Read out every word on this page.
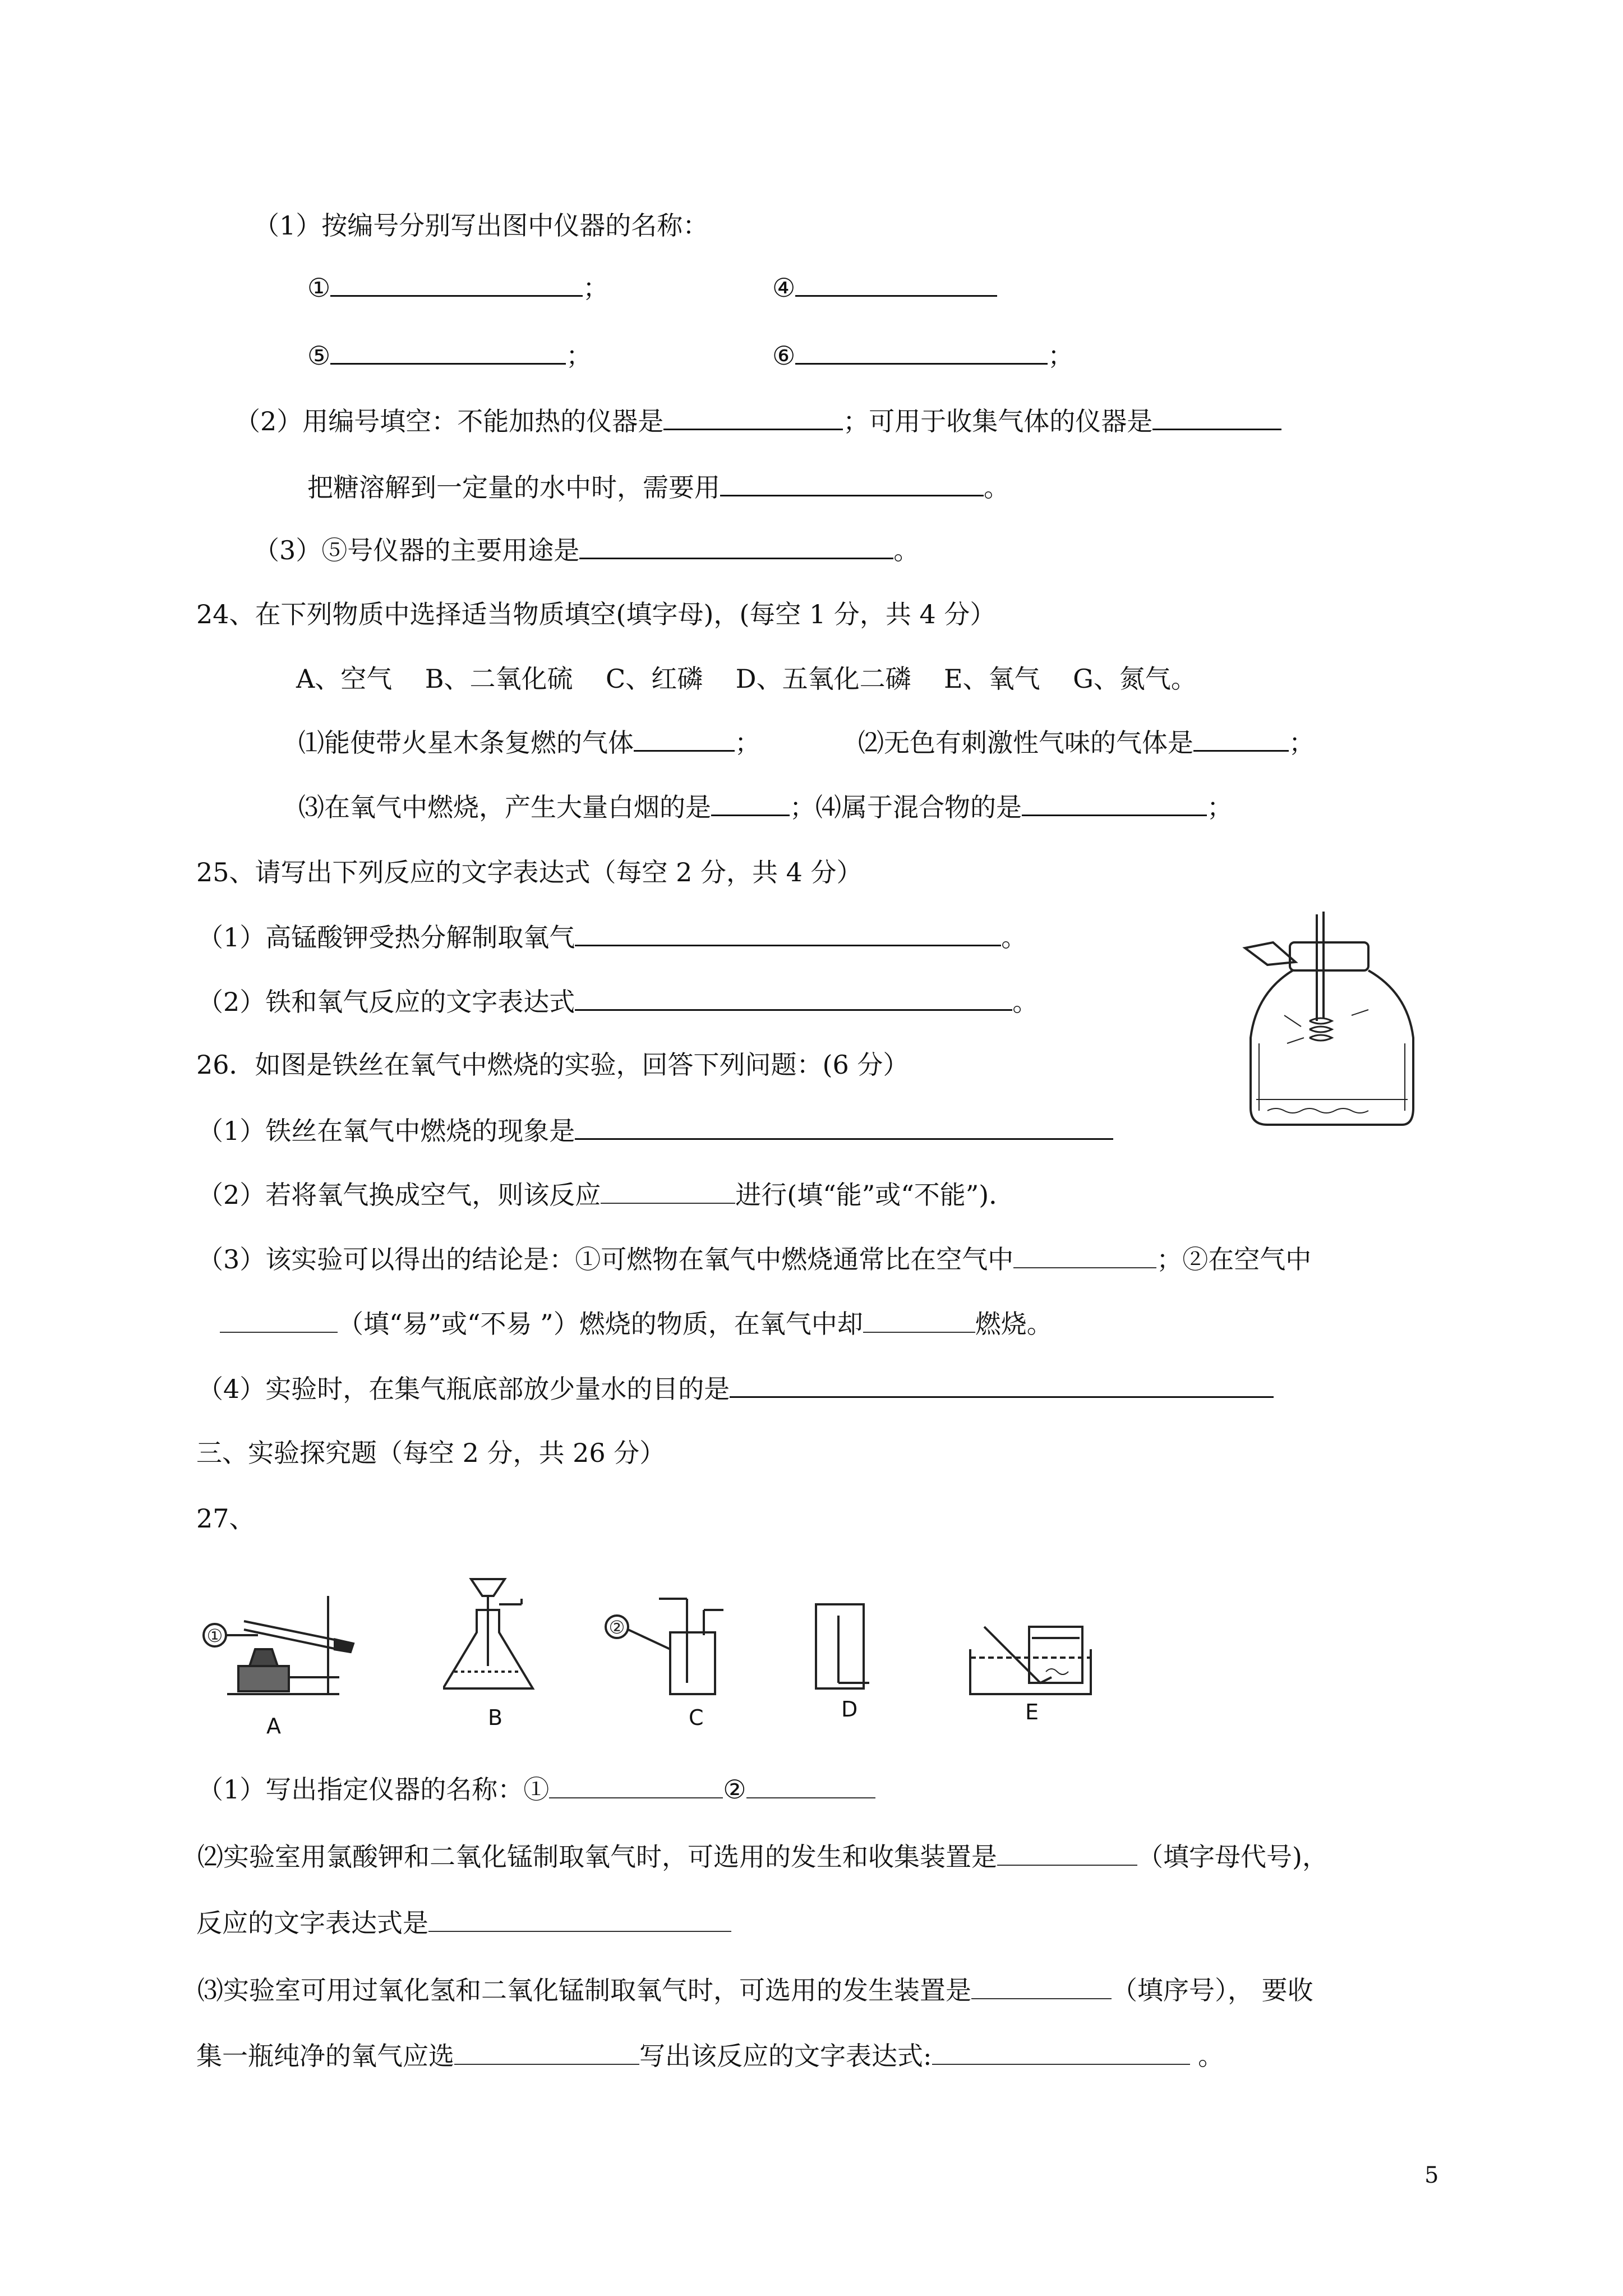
（1）按编号分别写出图中仪器的名称：
①	；	④
⑤	；	⑥	；
（2）用编号填空：不能加热的仪器是	；可用于收集气体的仪器是
把糖溶解到一定量的水中时，需要用	。
（3）⑤号仪器的主要用途是	。
24、在下列物质中选择适当物质填空(填字母)，(每空 1 分，共 4 分）
A、空气    B、二氧化硫    C、红磷    D、五氧化二磷    E、氧气    G、氮气。
⑴能使带火星木条复燃的气体	；	⑵无色有刺激性气味的气体是	；
⑶在氧气中燃烧，产生大量白烟的是	；⑷属于混合物的是	；
25、请写出下列反应的文字表达式（每空 2 分，共 4 分）
（1）高锰酸钾受热分解制取氧气	。
（2）铁和氧气反应的文字表达式	。
26．如图是铁丝在氧气中燃烧的实验，回答下列问题：(6 分）
（1）铁丝在氧气中燃烧的现象是
（2）若将氧气换成空气，则该反应	进行(填“能”或“不能”)．
（3）该实验可以得出的结论是：①可燃物在氧气中燃烧通常比在空气中	；②在空气中
（填“易”或“不易 ”）燃烧的物质，在氧气中却	燃烧。
（4）实验时，在集气瓶底部放少量水的目的是
三、实验探究题（每空 2 分，共 26 分）
27、
①
A	B
②
C	D	E
（1）写出指定仪器的名称：①	②
⑵实验室用氯酸钾和二氧化锰制取氧气时，可选用的发生和收集装置是	（填字母代号)，
反应的文字表达式是
⑶实验室可用过氧化氢和二氧化锰制取氧气时，可选用的发生装置是	（填序号）， 要收
集一瓶纯净的氧气应选	写出该反应的文字表达式:	。
5
